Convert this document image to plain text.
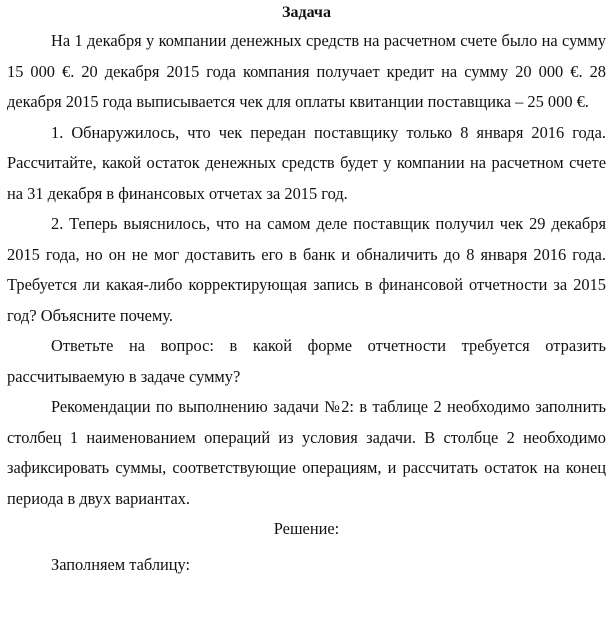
Задача

На 1 декабря у компании денежных средств на расчетном счете было на сумму 15 000 €. 20 декабря 2015 года компания получает кредит на сумму 20 000 €. 28 декабря 2015 года выписывается чек для оплаты квитанции поставщика – 25 000 €.

1. Обнаружилось, что чек передан поставщику только 8 января 2016 года. Рассчитайте, какой остаток денежных средств будет у компании на расчетном счете на 31 декабря в финансовых отчетах за 2015 год.

2. Теперь выяснилось, что на самом деле поставщик получил чек 29 декабря 2015 года, но он не мог доставить его в банк и обналичить до 8 января 2016 года. Требуется ли какая-либо корректирующая запись в финансовой отчетности за 2015 год? Объясните почему.

Ответьте на вопрос: в какой форме отчетности требуется отразить рассчитываемую в задаче сумму?

Рекомендации по выполнению задачи №2: в таблице 2 необходимо заполнить столбец 1 наименованием операций из условия задачи. В столбце 2 необходимо зафиксировать суммы, соответствующие операциям, и рассчитать остаток на конец периода в двух вариантах.

Решение:
Заполняем таблицу:
